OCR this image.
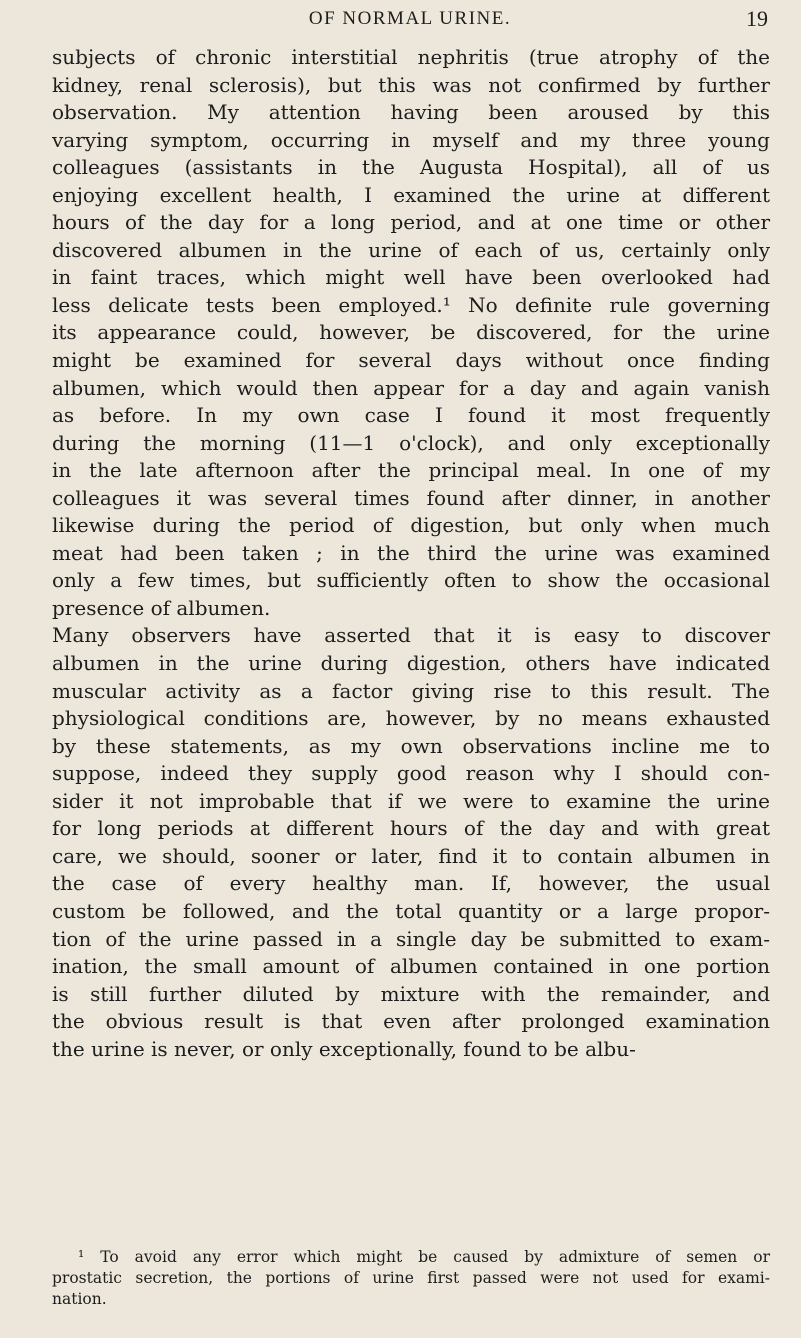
OF NORMAL URINE.	19
subjects of chronic interstitial nephritis (true atrophy of the
kidney, renal sclerosis), but this was not confirmed by further
observation. My attention having been aroused by this
varying symptom, occurring in myself and my three young
colleagues (assistants in the Augusta Hospital), all of us
enjoying excellent health, I examined the urine at different
hours of the day for a long period, and at one time or other
discovered albumen in the urine of each of us, certainly only
in faint traces, which might well have been overlooked had
less delicate tests been employed.¹ No definite rule governing
its appearance could, however, be discovered, for the urine
might be examined for several days without once finding
albumen, which would then appear for a day and again vanish
as before. In my own case I found it most frequently
during the morning (11—1 o'clock), and only exceptionally
in the late afternoon after the principal meal. In one of my
colleagues it was several times found after dinner, in another
likewise during the period of digestion, but only when much
meat had been taken ; in the third the urine was examined
only a few times, but sufficiently often to show the occasional
presence of albumen.
Many observers have asserted that it is easy to discover
albumen in the urine during digestion, others have indicated
muscular activity as a factor giving rise to this result. The
physiological conditions are, however, by no means exhausted
by these statements, as my own observations incline me to
suppose, indeed they supply good reason why I should con-
sider it not improbable that if we were to examine the urine
for long periods at different hours of the day and with great
care, we should, sooner or later, find it to contain albumen in
the case of every healthy man. If, however, the usual
custom be followed, and the total quantity or a large propor-
tion of the urine passed in a single day be submitted to exam-
ination, the small amount of albumen contained in one portion
is still further diluted by mixture with the remainder, and
the obvious result is that even after prolonged examination
the urine is never, or only exceptionally, found to be albu-
¹ To avoid any error which might be caused by admixture of semen or
prostatic secretion, the portions of urine first passed were not used for exami-
nation.
